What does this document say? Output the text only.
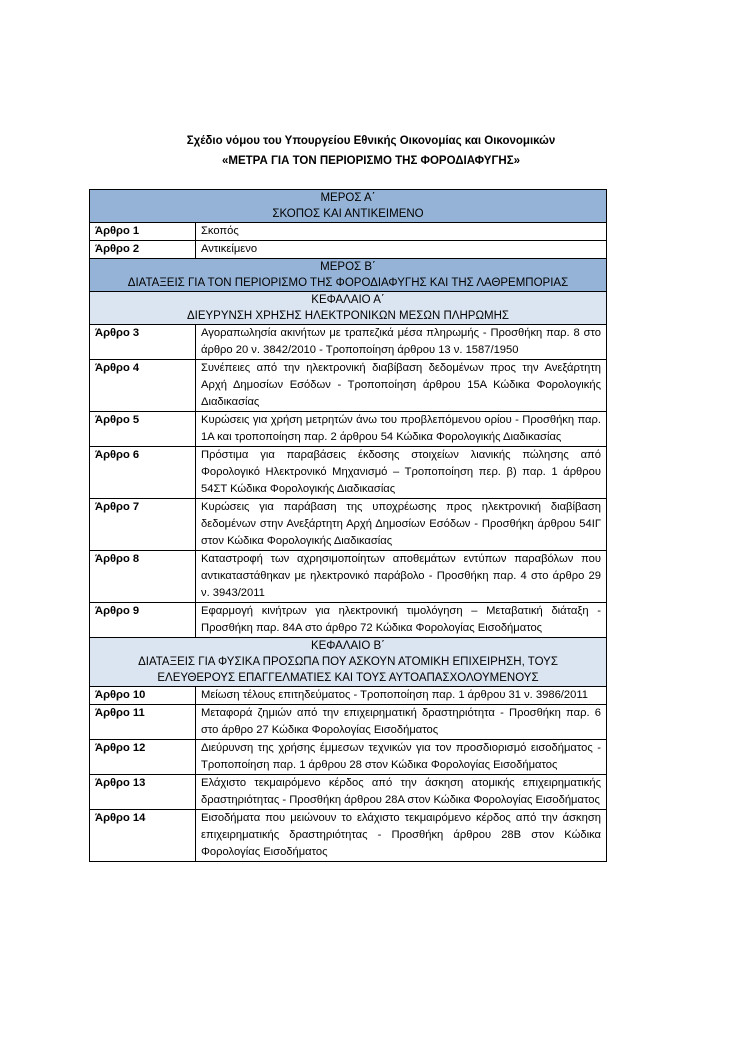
Σχέδιο νόμου του Υπουργείου Εθνικής Οικονομίας και Οικονομικών
«ΜΕΤΡΑ ΓΙΑ ΤΟΝ ΠΕΡΙΟΡΙΣΜΟ ΤΗΣ ΦΟΡΟΔΙΑΦΥΓΗΣ»
ΜΕΡΟΣ Α΄
ΣΚΟΠΟΣ ΚΑΙ ΑΝΤΙΚΕΙΜΕΝΟ	

Άρθρο 1	Σκοπός
Άρθρο 2	Αντικείμενο

ΜΕΡΟΣ Β΄
ΔΙΑΤΑΞΕΙΣ ΓΙΑ ΤΟΝ ΠΕΡΙΟΡΙΣΜΟ ΤΗΣ ΦΟΡΟΔΙΑΦΥΓΗΣ ΚΑΙ ΤΗΣ ΛΑΘΡΕΜΠΟΡΙΑΣ	

ΚΕΦΑΛΑΙΟ Α΄
ΔΙΕΥΡΥΝΣΗ ΧΡΗΣΗΣ ΗΛΕΚΤΡΟΝΙΚΩΝ ΜΕΣΩΝ ΠΛΗΡΩΜΗΣ	

Άρθρο 3	Αγοραπωλησία ακινήτων με τραπεζικά μέσα πληρωμής - Προσθήκη παρ. 8 στο άρθρο 20 ν. 3842/2010 - Τροποποίηση άρθρου 13 ν. 1587/1950
Άρθρο 4	Συνέπειες από την ηλεκτρονική διαβίβαση δεδομένων προς την Ανεξάρτητη Αρχή Δημοσίων Εσόδων - Τροποποίηση άρθρου 15Α Κώδικα Φορολογικής Διαδικασίας
Άρθρο 5	Κυρώσεις για χρήση μετρητών άνω του προβλεπόμενου ορίου - Προσθήκη παρ. 1Α και τροποποίηση παρ. 2 άρθρου 54 Κώδικα Φορολογικής Διαδικασίας
Άρθρο 6	Πρόστιμα για παραβάσεις έκδοσης στοιχείων λιανικής πώλησης από Φορολογικό Ηλεκτρονικό Μηχανισμό – Τροποποίηση περ. β) παρ. 1 άρθρου 54ΣΤ Κώδικα Φορολογικής Διαδικασίας
Άρθρο 7	Κυρώσεις για παράβαση της υποχρέωσης προς ηλεκτρονική διαβίβαση δεδομένων στην Ανεξάρτητη Αρχή Δημοσίων Εσόδων - Προσθήκη άρθρου 54ΙΓ στον Κώδικα Φορολογικής Διαδικασίας
Άρθρο 8	Καταστροφή των αχρησιμοποίητων αποθεμάτων εντύπων παραβόλων που αντικαταστάθηκαν με ηλεκτρονικό παράβολο - Προσθήκη παρ. 4 στο άρθρο 29 ν. 3943/2011
Άρθρο 9	Εφαρμογή κινήτρων για ηλεκτρονική τιμολόγηση – Μεταβατική διάταξη - Προσθήκη παρ. 84Α στο άρθρο 72 Κώδικα Φορολογίας Εισοδήματος

ΚΕΦΑΛΑΙΟ Β΄
ΔΙΑΤΑΞΕΙΣ ΓΙΑ ΦΥΣΙΚΑ ΠΡΟΣΩΠΑ ΠΟΥ ΑΣΚΟΥΝ ΑΤΟΜΙΚΗ ΕΠΙΧΕΙΡΗΣΗ, ΤΟΥΣ
ΕΛΕΥΘΕΡΟΥΣ ΕΠΑΓΓΕΛΜΑΤΙΕΣ ΚΑΙ ΤΟΥΣ ΑΥΤΟΑΠΑΣΧΟΛΟΥΜΕΝΟΥΣ	

Άρθρο 10	Μείωση τέλους επιτηδεύματος - Τροποποίηση παρ. 1 άρθρου 31 ν. 3986/2011
Άρθρο 11	Μεταφορά ζημιών από την επιχειρηματική δραστηριότητα - Προσθήκη παρ. 6 στο άρθρο 27 Κώδικα Φορολογίας Εισοδήματος
Άρθρο 12	Διεύρυνση της χρήσης έμμεσων τεχνικών για τον προσδιορισμό εισοδήματος - Τροποποίηση παρ. 1 άρθρου 28 στον Κώδικα Φορολογίας Εισοδήματος
Άρθρο 13	Ελάχιστο τεκμαιρόμενο κέρδος από την άσκηση ατομικής επιχειρηματικής δραστηριότητας - Προσθήκη άρθρου 28Α στον Κώδικα Φορολογίας Εισοδήματος
Άρθρο 14	Εισοδήματα που μειώνουν το ελάχιστο τεκμαιρόμενο κέρδος από την άσκηση επιχειρηματικής δραστηριότητας - Προσθήκη άρθρου 28Β στον Κώδικα Φορολογίας Εισοδήματος
